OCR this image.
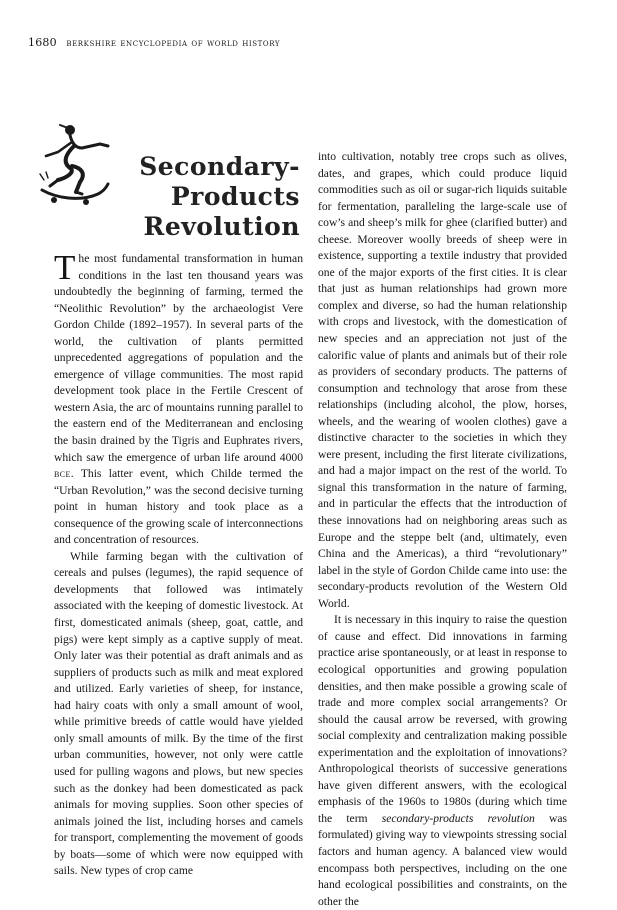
1680 berkshire encyclopedia of world history
Secondary-
Products
Revolution

The most fundamental transformation in human conditions in the last ten thousand years was undoubtedly the beginning of farming, termed the “Neolithic Revolution” by the archaeologist Vere Gordon Childe (1892–1957). In several parts of the world, the cultivation of plants permitted unprecedented aggregations of population and the emergence of village communities. The most rapid development took place in the Fertile Crescent of western Asia, the arc of mountains running parallel to the eastern end of the Mediterranean and enclosing the basin drained by the Tigris and Euphrates rivers, which saw the emergence of urban life around 4000 bce. This latter event, which Childe termed the “Urban Revolution,” was the second decisive turning point in human history and took place as a consequence of the growing scale of interconnections and concentration of resources.

While farming began with the cultivation of cereals and pulses (legumes), the rapid sequence of developments that followed was intimately associated with the keeping of domestic livestock. At first, domesticated animals (sheep, goat, cattle, and pigs) were kept simply as a captive supply of meat. Only later was their potential as draft animals and as suppliers of products such as milk and meat explored and utilized. Early varieties of sheep, for instance, had hairy coats with only a small amount of wool, while primitive breeds of cattle would have yielded only small amounts of milk. By the time of the first urban communities, however, not only were cattle used for pulling wagons and plows, but new species such as the donkey had been domesticated as pack animals for moving supplies. Soon other species of animals joined the list, including horses and camels for transport, complementing the movement of goods by boats—some of which were now equipped with sails. New types of crop came

into cultivation, notably tree crops such as olives, dates, and grapes, which could produce liquid commodities such as oil or sugar-rich liquids suitable for fermentation, paralleling the large-scale use of cow’s and sheep’s milk for ghee (clarified butter) and cheese. Moreover woolly breeds of sheep were in existence, supporting a textile industry that provided one of the major exports of the first cities. It is clear that just as human relationships had grown more complex and diverse, so had the human relationship with crops and livestock, with the domestication of new species and an appreciation not just of the calorific value of plants and animals but of their role as providers of secondary products. The patterns of consumption and technology that arose from these relationships (including alcohol, the plow, horses, wheels, and the wearing of woolen clothes) gave a distinctive character to the societies in which they were present, including the first literate civilizations, and had a major impact on the rest of the world. To signal this transformation in the nature of farming, and in particular the effects that the introduction of these innovations had on neighboring areas such as Europe and the steppe belt (and, ultimately, even China and the Americas), a third “revolutionary” label in the style of Gordon Childe came into use: the secondary-products revolution of the Western Old World.

It is necessary in this inquiry to raise the question of cause and effect. Did innovations in farming practice arise spontaneously, or at least in response to ecological opportunities and growing population densities, and then make possible a growing scale of trade and more complex social arrangements? Or should the causal arrow be reversed, with growing social complexity and centralization making possible experimentation and the exploitation of innovations? Anthropological theorists of successive generations have given different answers, with the ecological emphasis of the 1960s to 1980s (during which time the term secondary-products revolution was formulated) giving way to viewpoints stressing social factors and human agency. A balanced view would encompass both perspectives, including on the one hand ecological possibilities and constraints, on the other the
